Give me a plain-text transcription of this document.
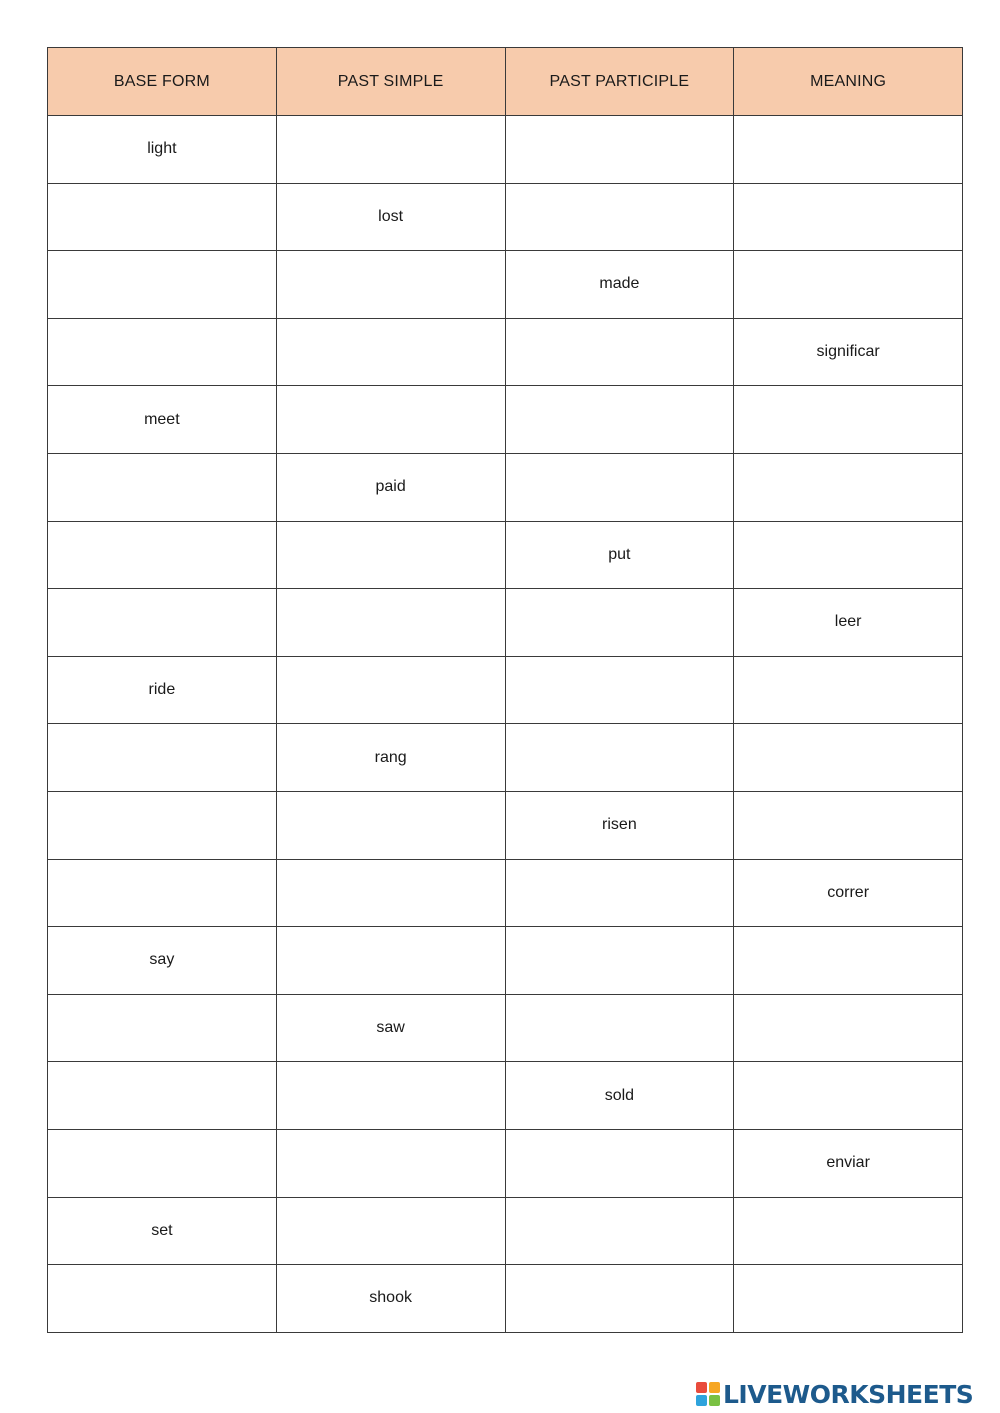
BASE FORM	PAST SIMPLE	PAST PARTICIPLE	MEANING
light			
	lost		
		made	
			significar
meet			
	paid		
		put	
			leer
ride			
	rang		
		risen	
			correr
say			
	saw		
		sold	
			enviar
set			
	shook		
LIVEWORKSHEETS
